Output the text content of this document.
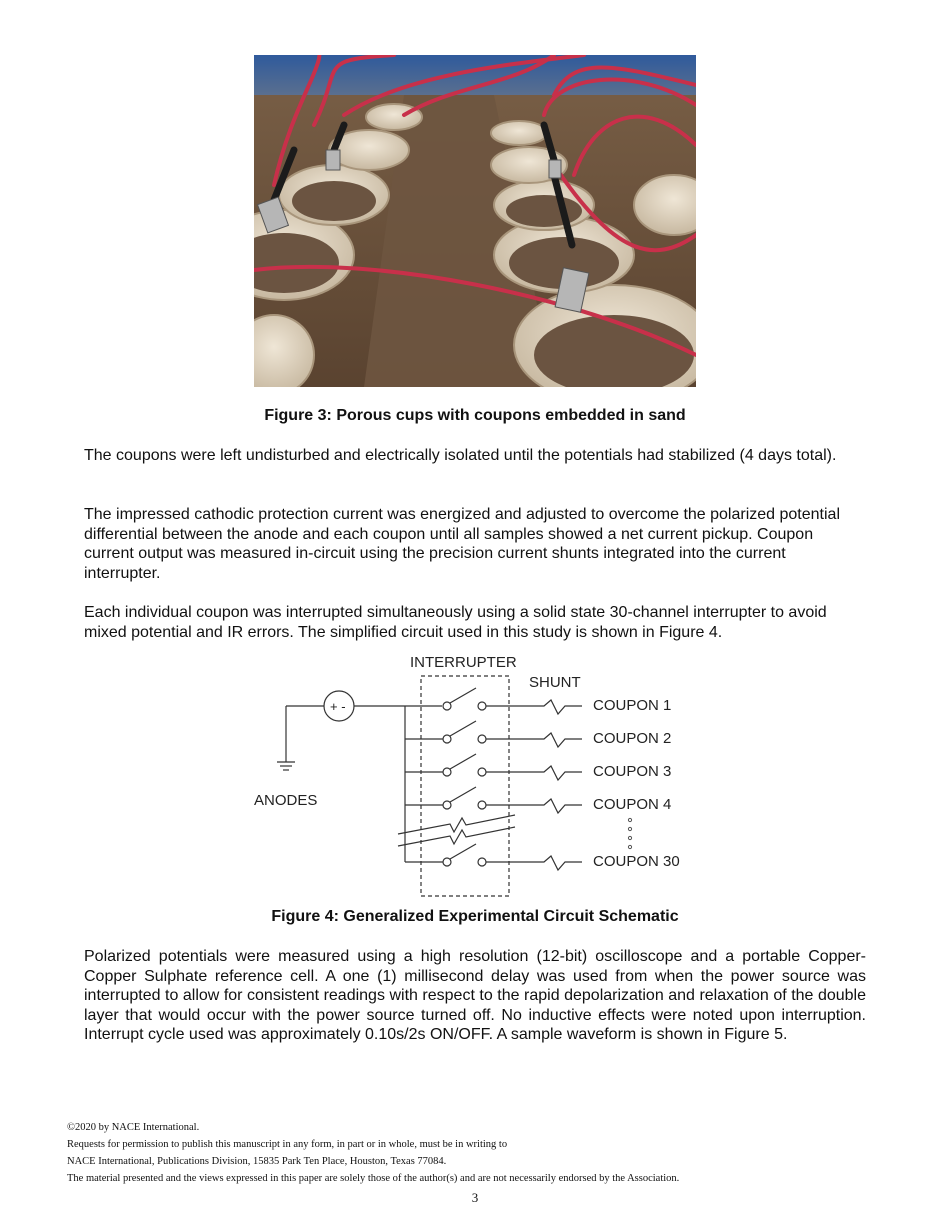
Figure 3: Porous cups with coupons embedded in sand

The coupons were left undisturbed and electrically isolated until the potentials had stabilized (4 days total).

The impressed cathodic protection current was energized and adjusted to overcome the polarized potential differential between the anode and each coupon until all samples showed a net current pickup. Coupon current output was measured in-circuit using the precision current shunts integrated into the current interrupter.

Each individual coupon was interrupted simultaneously using a solid state 30-channel interrupter to avoid mixed potential and IR errors. The simplified circuit used in this study is shown in Figure 4.

INTERRUPTER
SHUNT
ANODES
+ -	COUPON 1
COUPON 2
COUPON 3
COUPON 4
COUPON 30
Figure 4: Generalized Experimental Circuit Schematic

Polarized potentials were measured using a high resolution (12-bit) oscilloscope and a portable Copper-Copper Sulphate reference cell. A one (1) millisecond delay was used from when the power source was interrupted to allow for consistent readings with respect to the rapid depolarization and relaxation of the double layer that would occur with the power source turned off. No inductive effects were noted upon interruption. Interrupt cycle used was approximately 0.10s/2s ON/OFF. A sample waveform is shown in Figure 5.

©2020 by NACE International.
Requests for permission to publish this manuscript in any form, in part or in whole, must be in writing to
NACE International, Publications Division, 15835 Park Ten Place, Houston, Texas 77084.
The material presented and the views expressed in this paper are solely those of the author(s) and are not necessarily endorsed by the Association.
3
